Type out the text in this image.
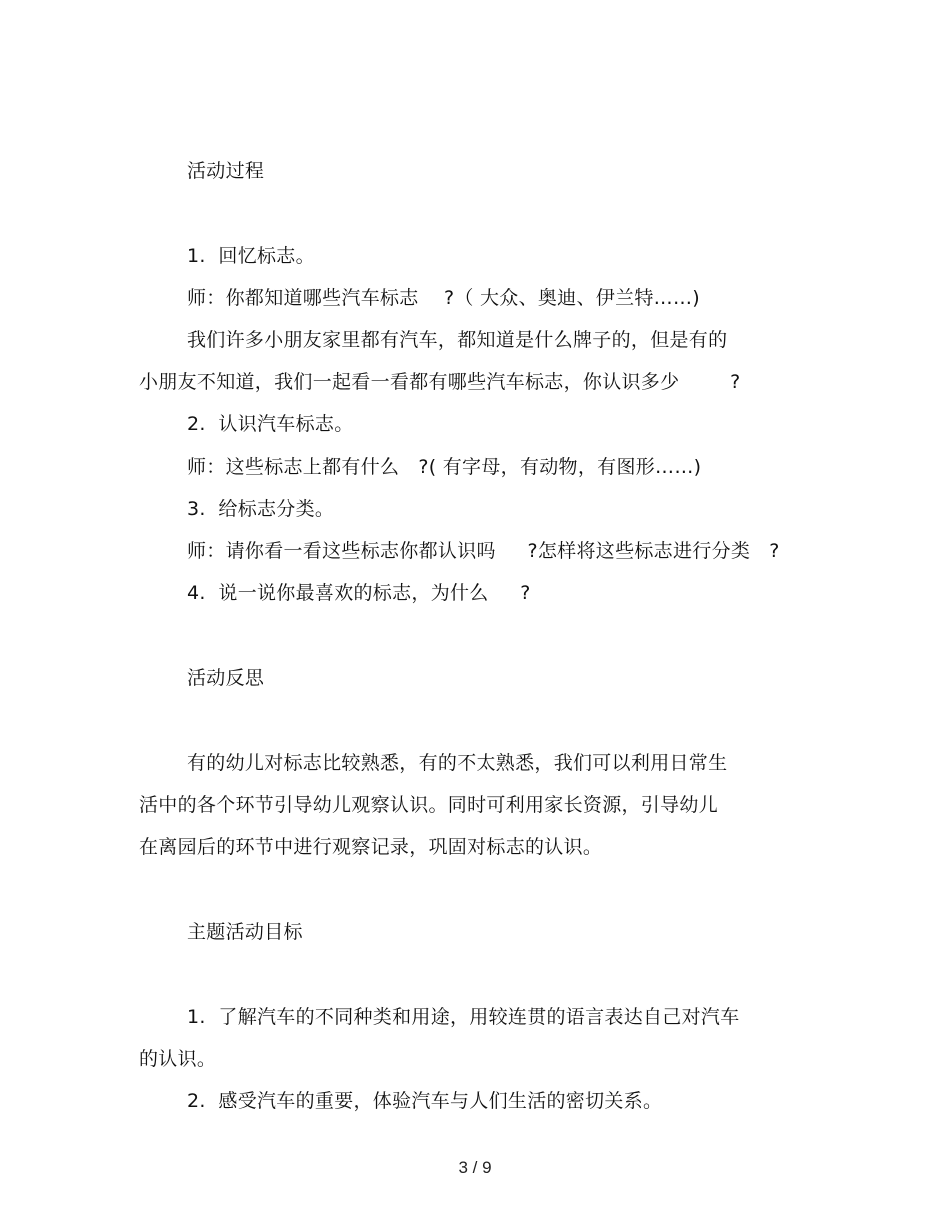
活动过程
1.  回忆标志。
师：你都知道哪些汽车标志    ?（ 大众、奥迪、伊兰特……)
我们许多小朋友家里都有汽车，都知道是什么牌子的，但是有的
小朋友不知道，我们一起看一看都有哪些汽车标志，你认识多少        ?
2.  认识汽车标志。
师：这些标志上都有什么   ?( 有字母，有动物，有图形……)
3.  给标志分类。
师：请你看一看这些标志你都认识吗     ?怎样将这些标志进行分类   ?
4.  说一说你最喜欢的标志，为什么     ?
活动反思
有的幼儿对标志比较熟悉，有的不太熟悉，我们可以利用日常生
活中的各个环节引导幼儿观察认识。同时可利用家长资源，引导幼儿
在离园后的环节中进行观察记录，巩固对标志的认识。
主题活动目标
1.  了解汽车的不同种类和用途，用较连贯的语言表达自己对汽车
的认识。
2.  感受汽车的重要，体验汽车与人们生活的密切关系。
3 / 9
